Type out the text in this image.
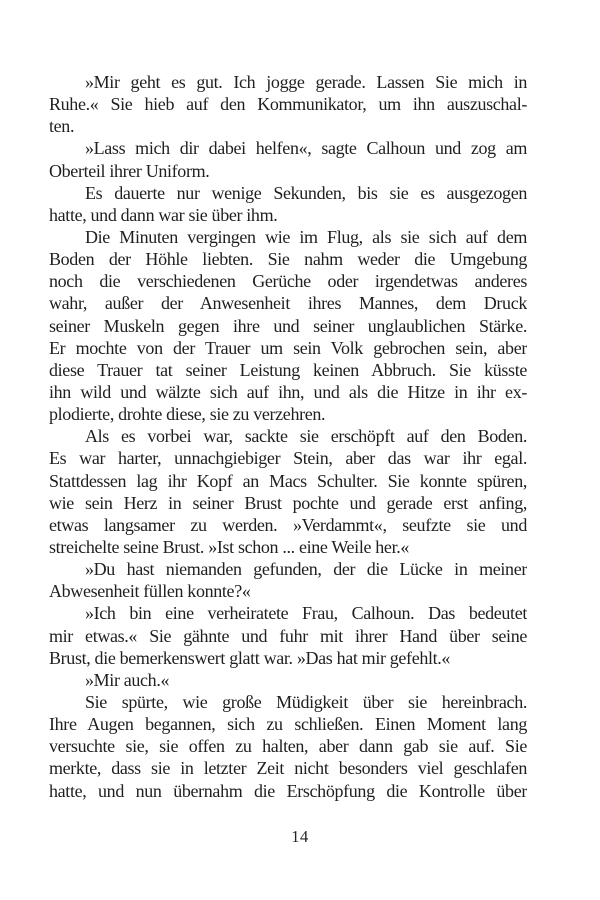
»Mir geht es gut. Ich jogge gerade. Lassen Sie mich in
Ruhe.« Sie hieb auf den Kommunikator, um ihn auszuschal-
ten.
»Lass mich dir dabei helfen«, sagte Calhoun und zog am
Oberteil ihrer Uniform.
Es dauerte nur wenige Sekunden, bis sie es ausgezogen
hatte, und dann war sie über ihm.
Die Minuten vergingen wie im Flug, als sie sich auf dem
Boden der Höhle liebten. Sie nahm weder die Umgebung
noch die verschiedenen Gerüche oder irgendetwas anderes
wahr, außer der Anwesenheit ihres Mannes, dem Druck
seiner Muskeln gegen ihre und seiner unglaublichen Stärke.
Er mochte von der Trauer um sein Volk gebrochen sein, aber
diese Trauer tat seiner Leistung keinen Abbruch. Sie küsste
ihn wild und wälzte sich auf ihn, und als die Hitze in ihr ex-
plodierte, drohte diese, sie zu verzehren.
Als es vorbei war, sackte sie erschöpft auf den Boden.
Es war harter, unnachgiebiger Stein, aber das war ihr egal.
Stattdessen lag ihr Kopf an Macs Schulter. Sie konnte spüren,
wie sein Herz in seiner Brust pochte und gerade erst anfing,
etwas langsamer zu werden. »Verdammt«, seufzte sie und
streichelte seine Brust. »Ist schon ... eine Weile her.«
»Du hast niemanden gefunden, der die Lücke in meiner
Abwesenheit füllen konnte?«
»Ich bin eine verheiratete Frau, Calhoun. Das bedeutet
mir etwas.« Sie gähnte und fuhr mit ihrer Hand über seine
Brust, die bemerkenswert glatt war. »Das hat mir gefehlt.«
»Mir auch.«
Sie spürte, wie große Müdigkeit über sie hereinbrach.
Ihre Augen begannen, sich zu schließen. Einen Moment lang
versuchte sie, sie offen zu halten, aber dann gab sie auf. Sie
merkte, dass sie in letzter Zeit nicht besonders viel geschlafen
hatte, und nun übernahm die Erschöpfung die Kontrolle über
14
